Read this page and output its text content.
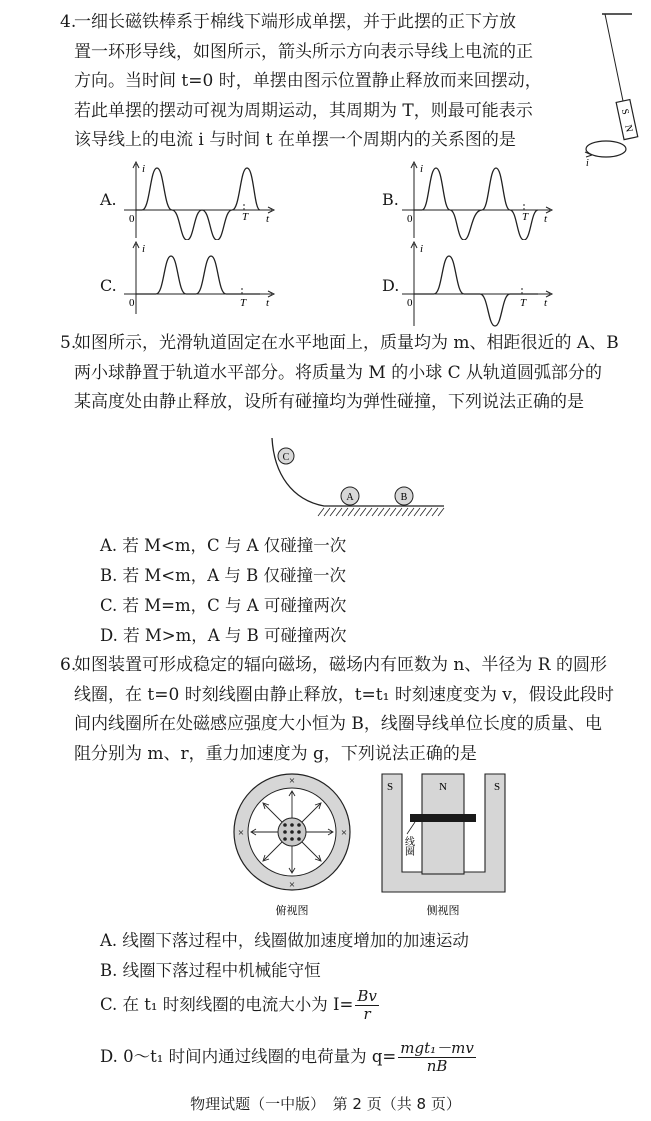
4.

一细长磁铁棒系于棉线下端形成单摆，并于此摆的正下方放

置一环形导线，如图所示，箭头所示方向表示导线上电流的正

方向。当时间 t=0 时，单摆由图示位置静止释放而来回摆动，

若此单摆的摆动可视为周期运动，其周期为 T，则最可能表示

该导线上的电流 i 与时间 t 在单摆一个周期内的关系图的是

S
N
i
A.
i
0	T t
B.
i
0	T t
C.
i
0	T t
D.
i
0	T t
5.

如图所示，光滑轨道固定在水平地面上，质量均为 m、相距很近的 A、B

两小球静置于轨道水平部分。将质量为 M 的小球 C 从轨道圆弧部分的

某高度处由静止释放，设所有碰撞均为弹性碰撞，下列说法正确的是

C
A	B
A. 若 M<m，C 与 A 仅碰撞一次
B. 若 M<m，A 与 B 仅碰撞一次
C. 若 M=m，C 与 A 可碰撞两次
D. 若 M>m，A 与 B 可碰撞两次
6.

如图装置可形成稳定的辐向磁场，磁场内有匝数为 n、半径为 R 的圆形

线圈，在 t=0 时刻线圈由静止释放，t=t₁ 时刻速度变为 v，假设此段时

间内线圈所在处磁感应强度大小恒为 B，线圈导线单位长度的质量、电

阻分别为 m、r，重力加速度为 g，下列说法正确的是

×
×
×	×
俯视图
S	N	S
线圈
侧视图
A. 线圈下落过程中，线圈做加速度增加的加速运动
B. 线圈下落过程中机械能守恒
C. 在 t₁ 时刻线圈的电流大小为 $I= \frac{Bv}{r}$
D. 0～t₁ 时间内通过线圈的电荷量为 $q= \frac{\text{mgt₁－mv}}{nB}$
物理试题（一中版）　第 2 页（共 8 页）
